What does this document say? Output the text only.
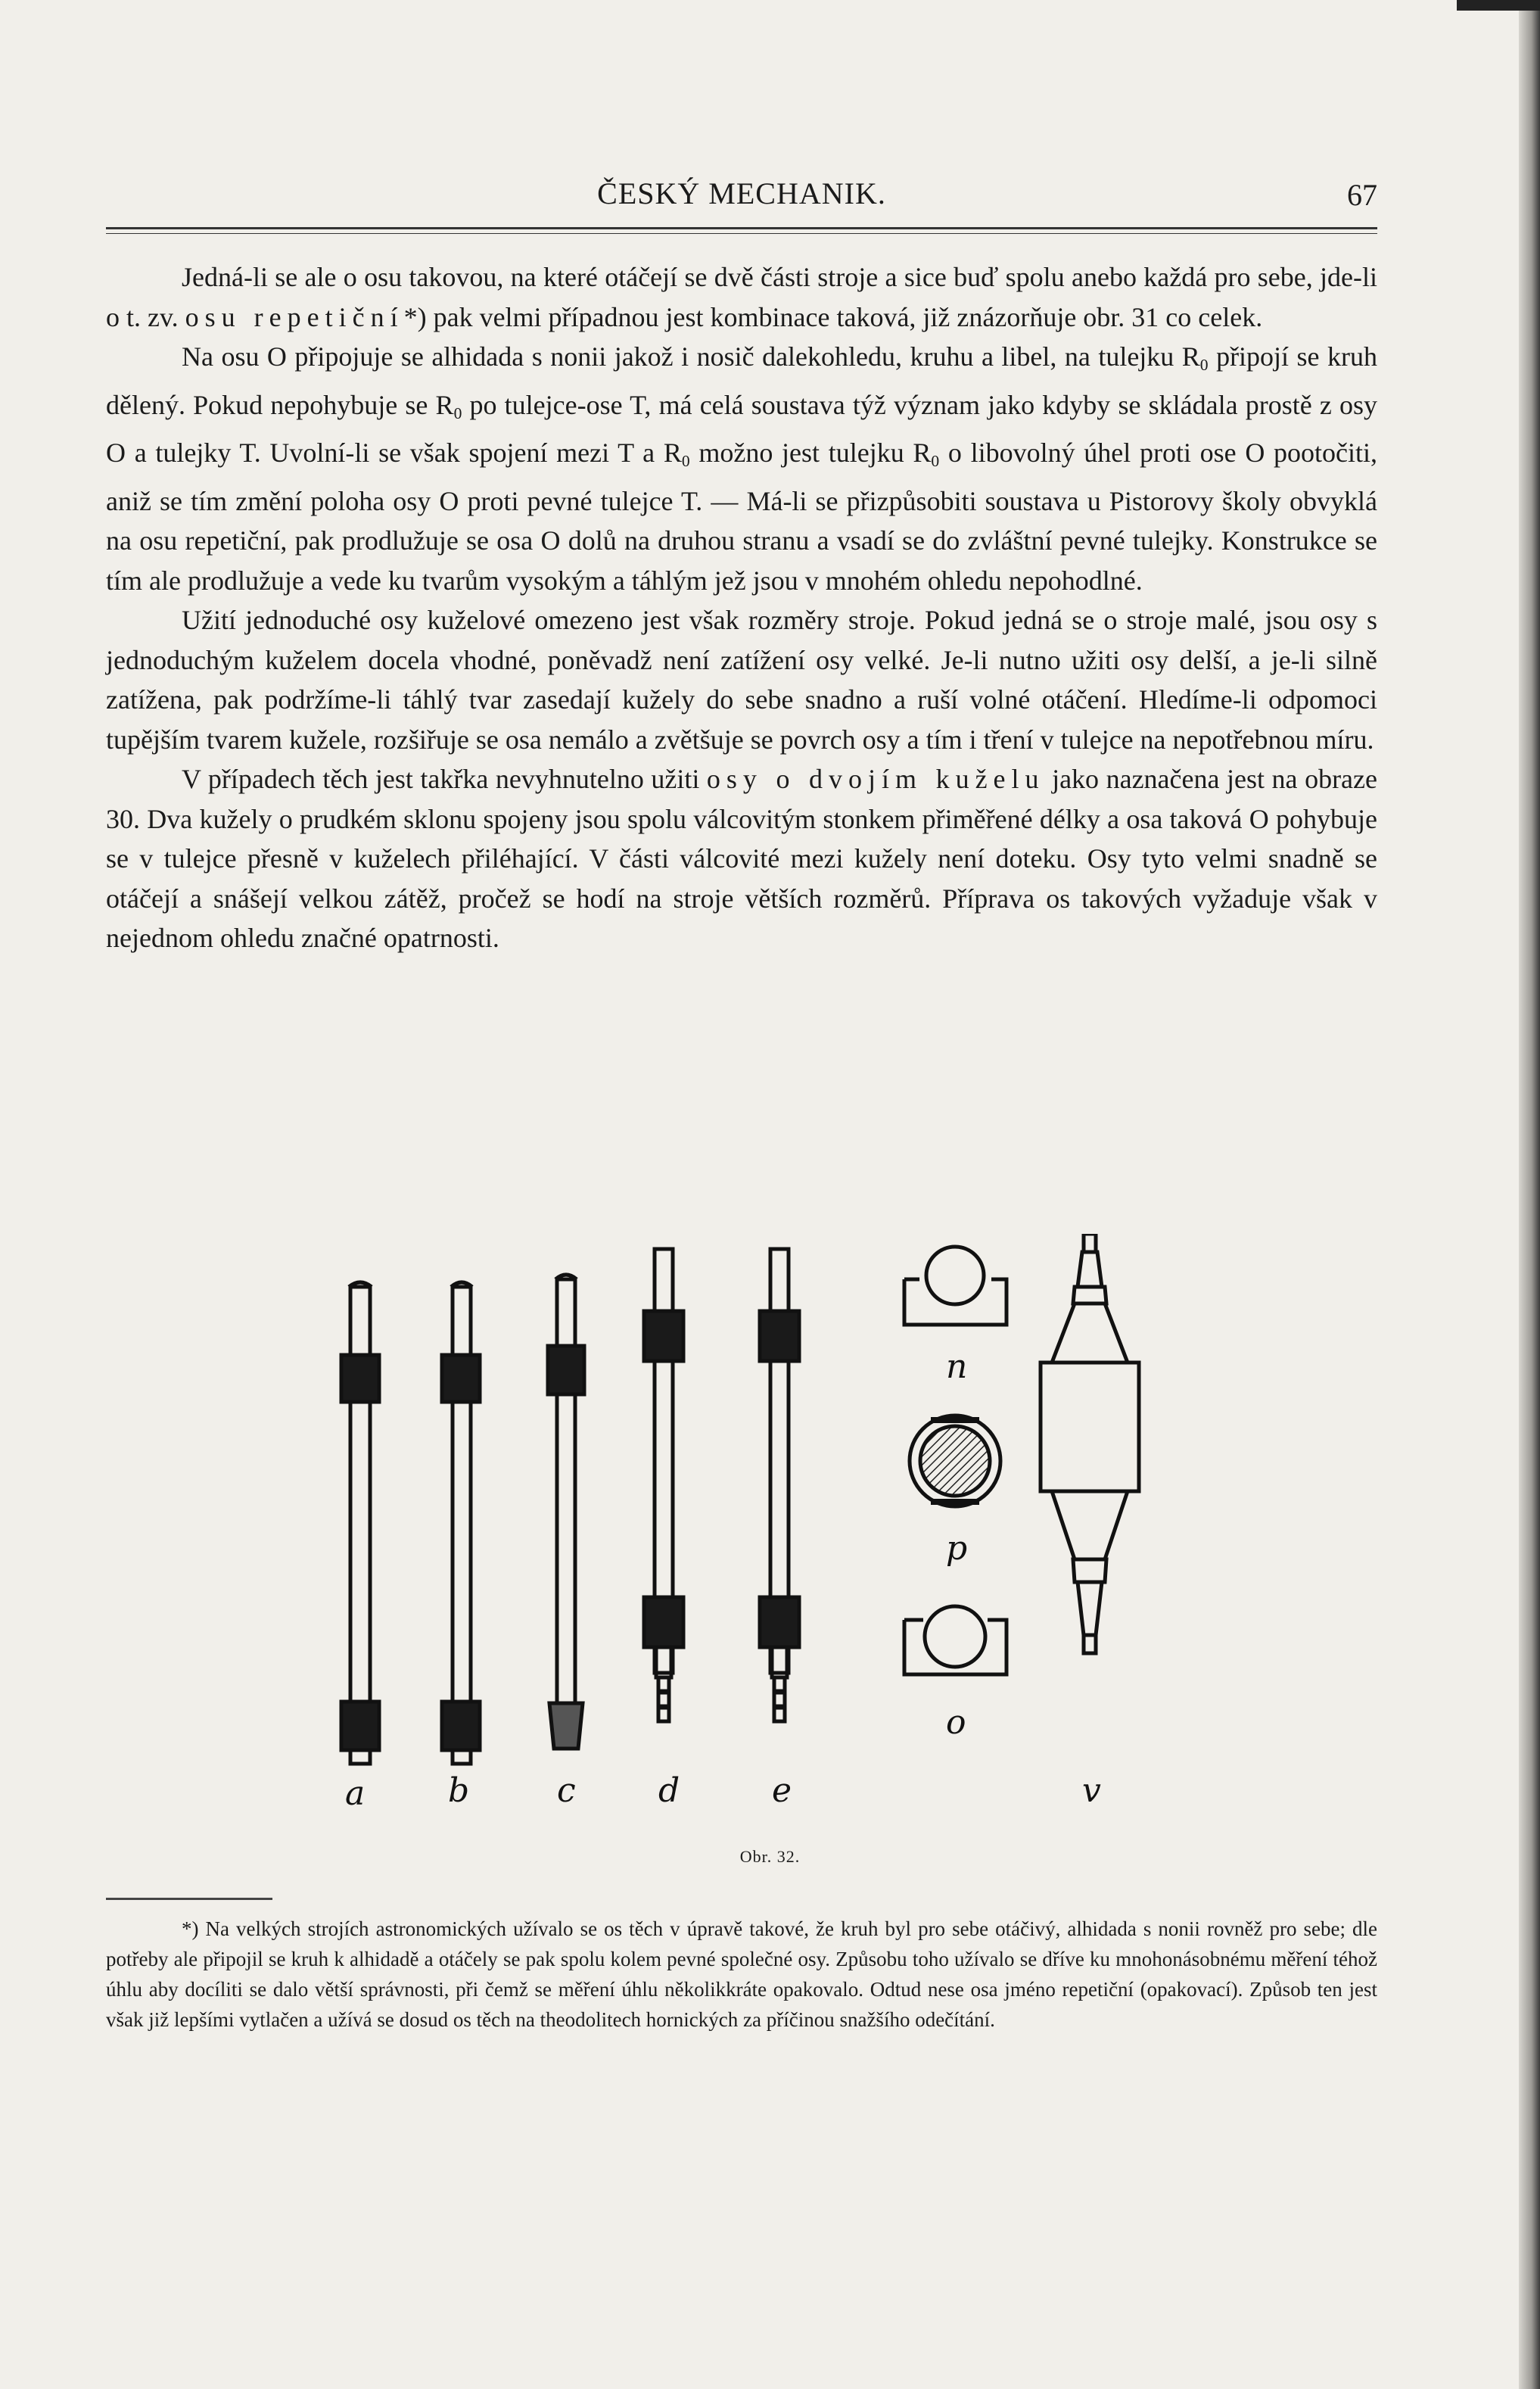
ČESKÝ MECHANIK.	67

Jedná-li se ale o osu takovou, na které otáčejí se dvě části stroje a sice buď spolu anebo každá pro sebe, jde-li o t. zv. osu repetiční*) pak velmi případnou jest kombinace taková, již znázorňuje obr. 31 co celek.

Na osu O připojuje se alhidada s nonii jakož i nosič dalekohledu, kruhu a libel, na tulejku $R_0$ připojí se kruh dělený. Pokud nepohybuje se $R_0$ po tulejce-ose T, má celá soustava týž význam jako kdyby se skládala prostě z osy O a tulejky T. Uvolní-li se však spojení mezi T a $R_0$ možno jest tulejku $R_0$ o libovolný úhel proti ose O pootočiti, aniž se tím změní poloha osy O proti pevné tulejce T. — Má-li se přizpůsobiti soustava u Pistorovy školy obvyklá na osu repetiční, pak prodlužuje se osa O dolů na druhou stranu a vsadí se do zvláštní pevné tulejky. Konstrukce se tím ale prodlužuje a vede ku tvarům vysokým a táhlým jež jsou v mnohém ohledu nepohodlné.

Užití jednoduché osy kuželové omezeno jest však rozměry stroje. Pokud jedná se o stroje malé, jsou osy s jednoduchým kuželem docela vhodné, poněvadž není zatížení osy velké. Je-li nutno užiti osy delší, a je-li silně zatížena, pak podržíme-li táhlý tvar zasedají kužely do sebe snadno a ruší volné otáčení. Hledíme-li odpomoci tupějším tvarem kužele, rozšiřuje se osa nemálo a zvětšuje se povrch osy a tím i tření v tulejce na nepotřebnou míru.

V případech těch jest takřka nevyhnutelno užiti osy o dvojím kuželu jako naznačena jest na obraze 30. Dva kužely o prudkém sklonu spojeny jsou spolu válcovitým stonkem přiměřené délky a osa taková O pohybuje se v tulejce přesně v kuželech přiléhající. V části válcovité mezi kužely není doteku. Osy tyto velmi snadně se otáčejí a snášejí velkou zátěž, pročež se hodí na stroje větších rozměrů. Příprava os takových vyžaduje však v nejednom ohledu značné opatrnosti.

a b	c d	e
n
p
o
v
Obr. 32.

*) Na velkých strojích astronomických užívalo se os těch v úpravě takové, že kruh byl pro sebe otáčivý, alhidada s nonii rovněž pro sebe; dle potřeby ale připojil se kruh k alhidadě a otáčely se pak spolu kolem pevné společné osy. Způsobu toho užívalo se dříve ku mnohonásobnému měření téhož úhlu aby docíliti se dalo větší správnosti, při čemž se měření úhlu několikkráte opakovalo. Odtud nese osa jméno repetiční (opakovací). Způsob ten jest však již lepšími vytlačen a užívá se dosud os těch na theodolitech hornických za příčinou snažšího odečítání.
